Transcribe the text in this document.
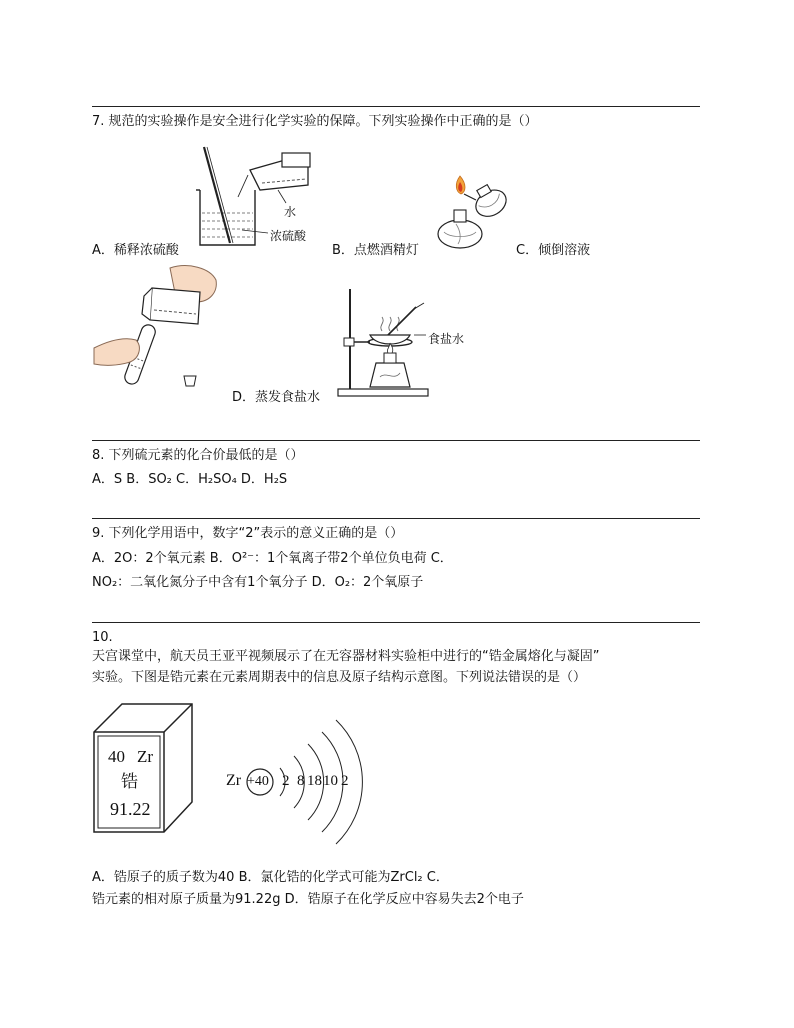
7. 规范的实验操作是安全进行化学实验的保障。下列实验操作中正确的是（）
水
浓硫酸
A．稀释浓硫酸	B．点燃酒精灯	C．倾倒溶液
食盐水
D．蒸发食盐水
8. 下列硫元素的化合价最低的是（）
A．S B．SO₂ C．H₂SO₄ D．H₂S
9. 下列化学用语中，数字“2”表示的意义正确的是（）
A．2O：2个氧元素 B．O²⁻：1个氧离子带2个单位负电荷 C．
NO₂：二氧化氮分子中含有1个氧分子 D．O₂：2个氧原子
10.
天宫课堂中，航天员王亚平视频展示了在无容器材料实验柜中进行的“锆金属熔化与凝固”
实验。下图是锆元素在元素周期表中的信息及原子结构示意图。下列说法错误的是（）
40 Zr
锆
91.22
Zr +40 2 8 18 10 2
A．锆原子的质子数为40 B．氯化锆的化学式可能为ZrCl₂ C．
锆元素的相对原子质量为91.22g D．锆原子在化学反应中容易失去2个电子
